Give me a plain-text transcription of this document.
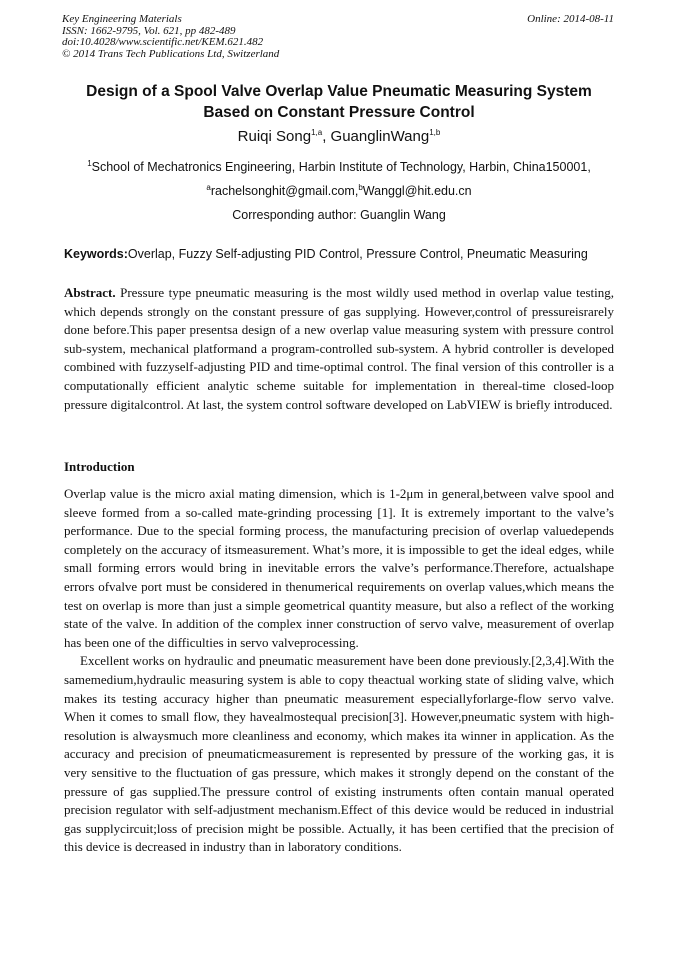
Key Engineering Materials
ISSN: 1662-9795, Vol. 621, pp 482-489
doi:10.4028/www.scientific.net/KEM.621.482
© 2014 Trans Tech Publications Ltd, Switzerland
Online: 2014-08-11
Design of a Spool Valve Overlap Value Pneumatic Measuring System
Based on Constant Pressure Control
Ruiqi Song$^{1,a}$, GuanglinWang$^{1,b}$
$^1$School of Mechatronics Engineering, Harbin Institute of Technology, Harbin, China150001,
$^a$rachelsonghit@gmail.com,$^b$Wanggl@hit.edu.cn
Corresponding author: Guanglin Wang
Keywords:Overlap, Fuzzy Self-adjusting PID Control, Pressure Control, Pneumatic Measuring
Abstract. Pressure type pneumatic measuring is the most wildly used method in overlap value testing, which depends strongly on the constant pressure of gas supplying. However,control of pressureisrarely done before.This paper presentsa design of a new overlap value measuring system with pressure control sub-system, mechanical platformand a program-controlled sub-system. A hybrid controller is developed combined with fuzzyself-adjusting PID and time-optimal control. The final version of this controller is a computationally efficient analytic scheme suitable for implementation in thereal-time closed-loop pressure digitalcontrol. At last, the system control software developed on LabVIEW is briefly introduced.
Introduction

Overlap value is the micro axial mating dimension, which is 1-2μm in general,between valve spool and sleeve formed from a so-called mate-grinding processing [1]. It is extremely important to the valve’s performance. Due to the special forming process, the manufacturing precision of overlap valuedepends completely on the accuracy of itsmeasurement. What’s more, it is impossible to get the ideal edges, while small forming errors would bring in inevitable errors the valve’s performance.Therefore, actualshape errors ofvalve port must be considered in thenumerical requirements on overlap values,which means the test on overlap is more than just a simple geometrical quantity measure, but also a reflect of the working state of the valve. In addition of the complex inner construction of servo valve, measurement of overlap has been one of the difficulties in servo valveprocessing.

Excellent works on hydraulic and pneumatic measurement have been done previously.[2,3,4].With the samemedium,hydraulic measuring system is able to copy theactual working state of sliding valve, which makes its testing accuracy higher than pneumatic measurement especiallyforlarge-flow servo valve. When it comes to small flow, they havealmostequal precision[3]. However,pneumatic system with high-resolution is alwaysmuch more cleanliness and economy, which makes ita winner in application. As the accuracy and precision of pneumaticmeasurement is represented by pressure of the working gas, it is very sensitive to the fluctuation of gas pressure, which makes it strongly depend on the constant of the pressure of gas supplied.The pressure control of existing instruments often contain manual operated precision regulator with self-adjustment mechanism.Effect of this device would be reduced in industrial gas supplycircuit;loss of precision might be possible. Actually, it has been certified that the precision of this device is decreased in industry than in laboratory conditions.
